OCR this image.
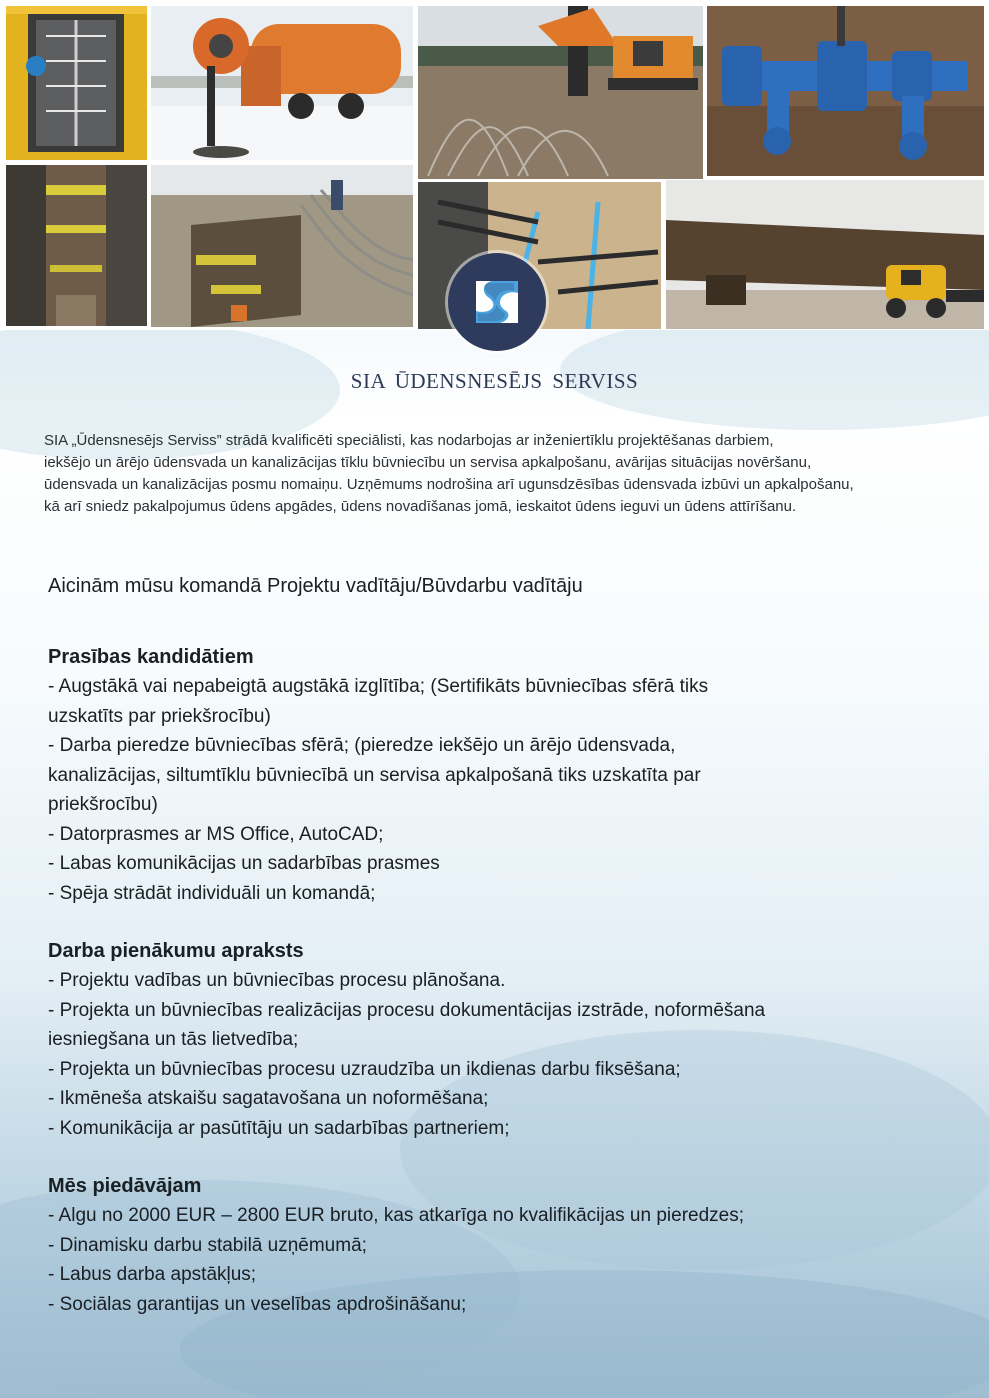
SIA ŪDENSNESĒJS SERVISS
SIA „Ūdensnesējs Serviss” strādā kvalificēti speciālisti, kas nodarbojas ar inženiertīklu projektēšanas darbiem,
iekšējo un ārējo ūdensvada un kanalizācijas tīklu būvniecību un servisa apkalpošanu, avārijas situācijas novēršanu,
ūdensvada un kanalizācijas posmu nomaiņu. Uzņēmums nodrošina arī ugunsdzēsības ūdensvada izbūvi un apkalpošanu,
kā arī sniedz pakalpojumus ūdens apgādes, ūdens novadīšanas jomā, ieskaitot ūdens ieguvi un ūdens attīrīšanu.
Aicinām mūsu komandā Projektu vadītāju/Būvdarbu vadītāju
Prasības kandidātiem
- Augstākā vai nepabeigtā augstākā izglītība; (Sertifikāts būvniecības sfērā tiks
uzskatīts par priekšrocību)
- Darba pieredze būvniecības sfērā; (pieredze iekšējo un ārējo ūdensvada,
kanalizācijas, siltumtīklu būvniecībā un servisa apkalpošanā tiks uzskatīta par
priekšrocību)
- Datorprasmes ar MS Office, AutoCAD;
- Labas komunikācijas un sadarbības prasmes
- Spēja strādāt individuāli un komandā;
Darba pienākumu apraksts
- Projektu vadības un būvniecības procesu plānošana.
- Projekta un būvniecības realizācijas procesu dokumentācijas izstrāde, noformēšana
iesniegšana un tās lietvedība;
- Projekta un būvniecības procesu uzraudzība un ikdienas darbu fiksēšana;
- Ikmēneša atskaišu sagatavošana un noformēšana;
- Komunikācija ar pasūtītāju un sadarbības partneriem;
Mēs piedāvājam
- Algu no 2000 EUR – 2800 EUR bruto, kas atkarīga no kvalifikācijas un pieredzes;
- Dinamisku darbu stabilā uzņēmumā;
- Labus darba apstākļus;
- Sociālas garantijas un veselības apdrošināšanu;
